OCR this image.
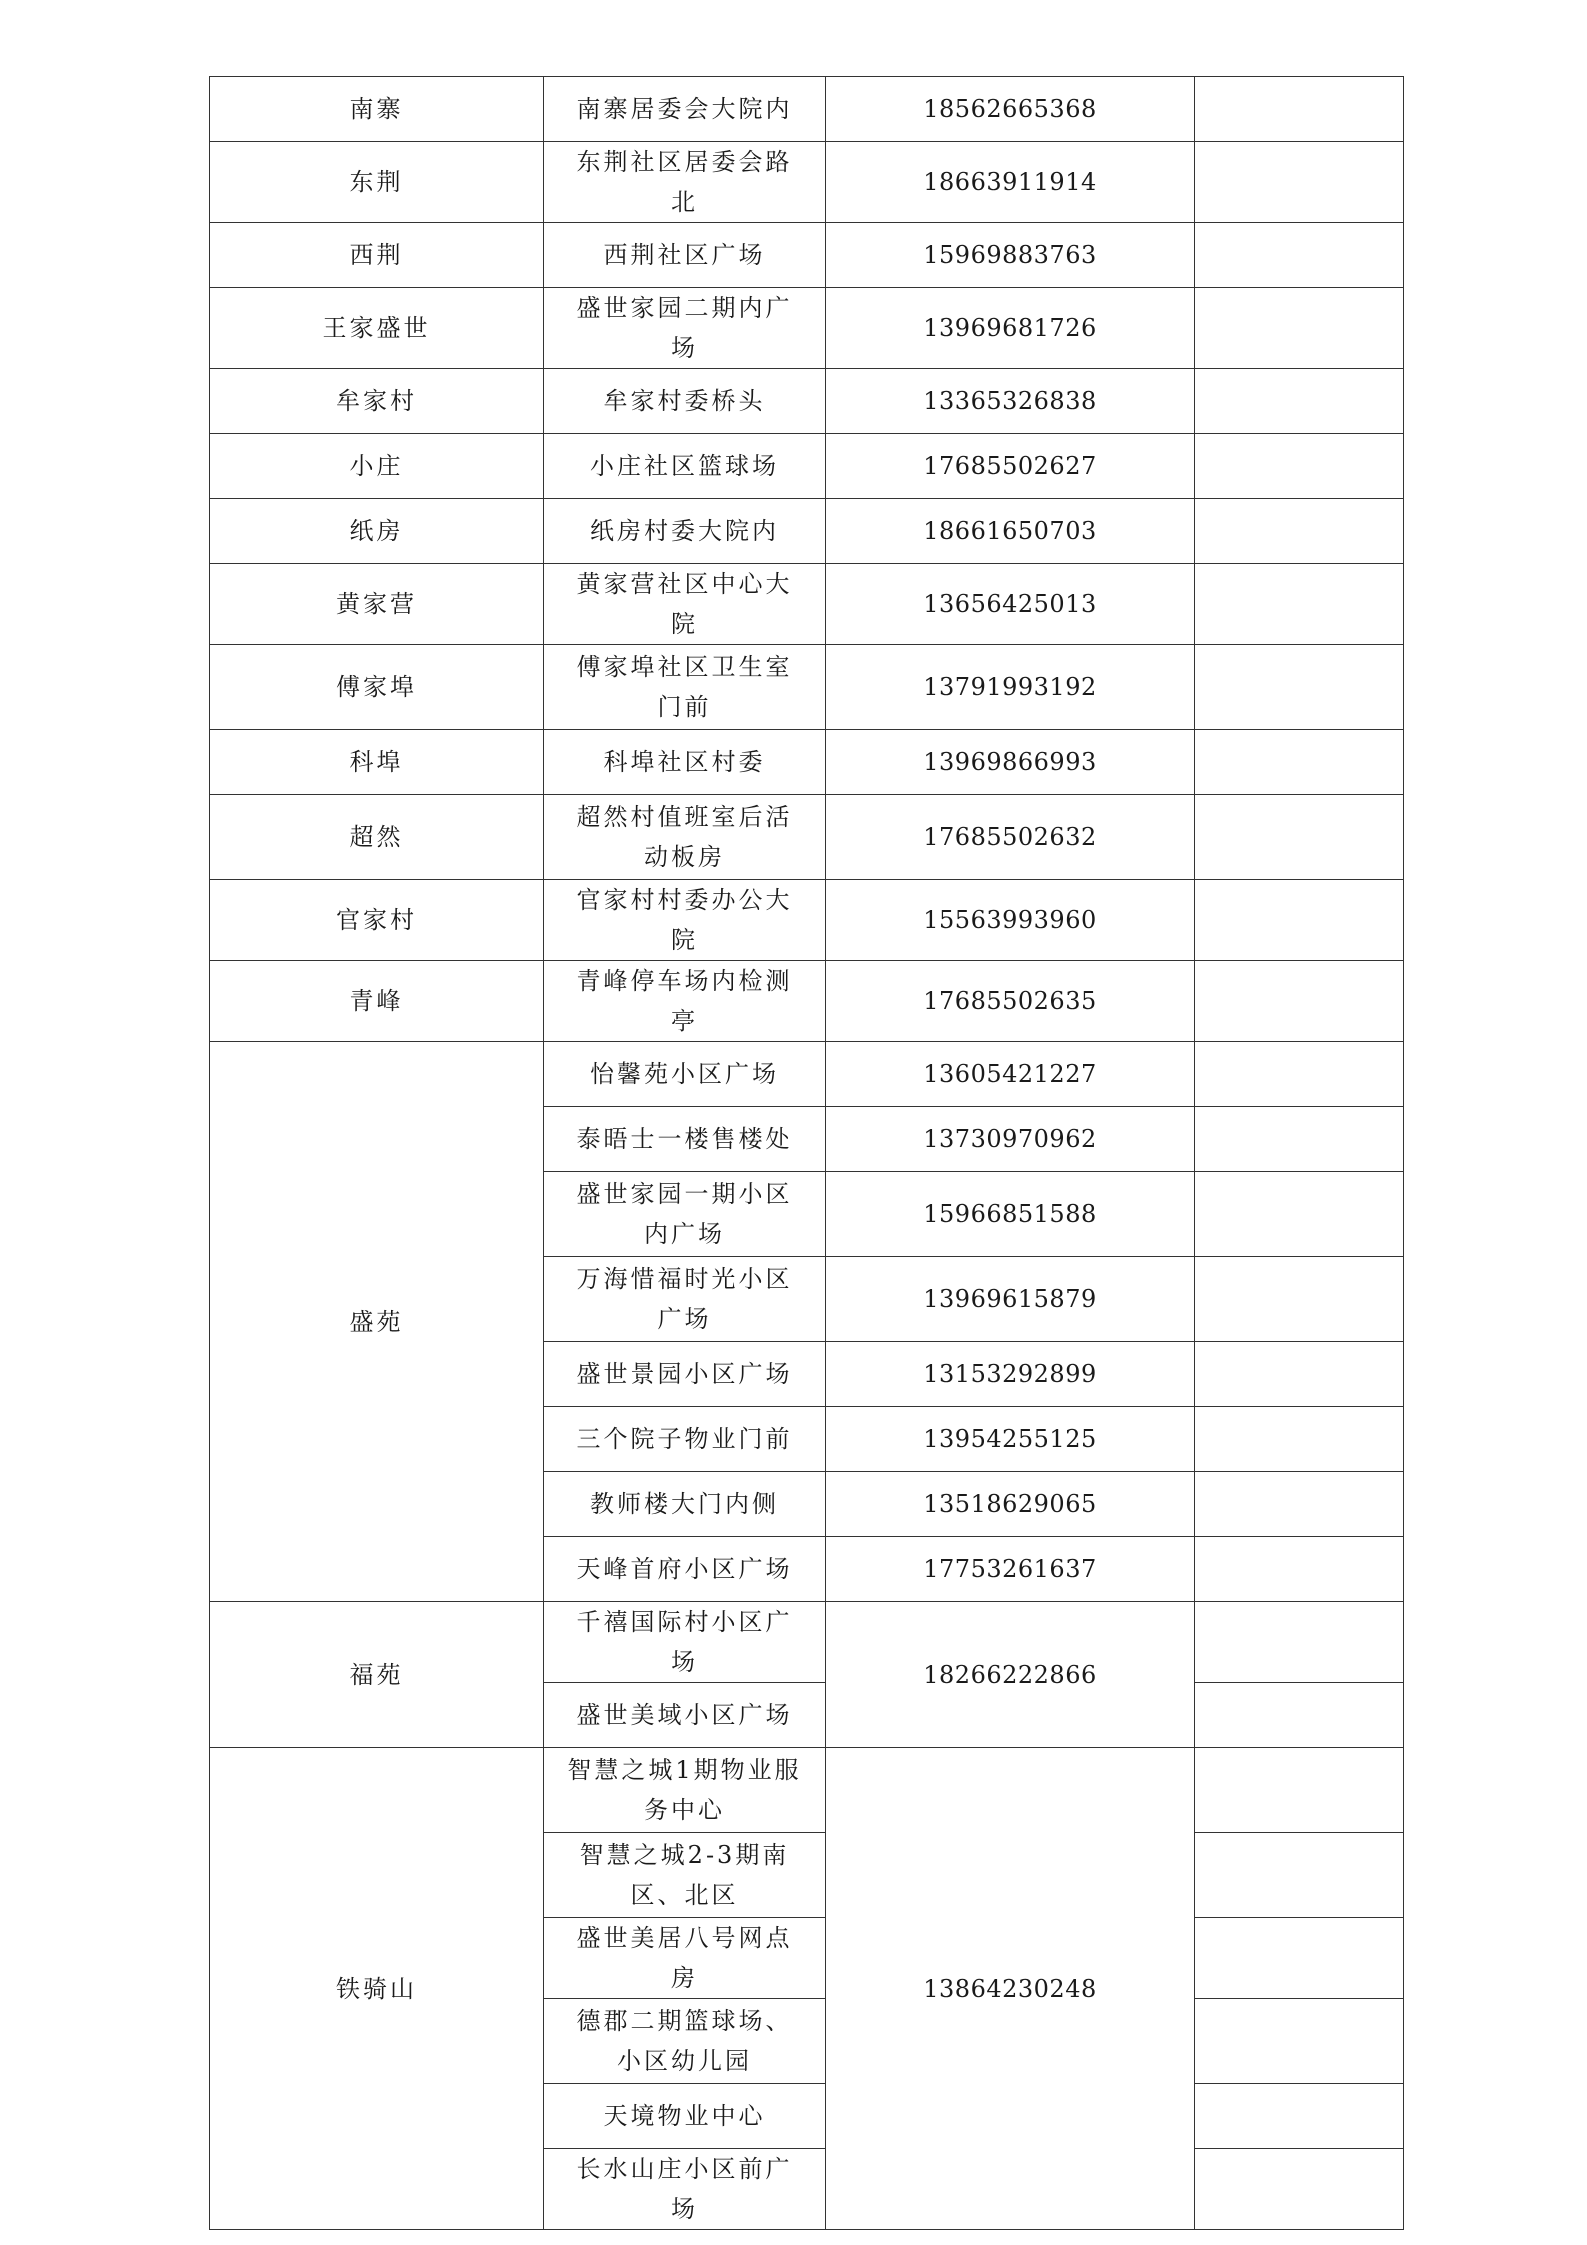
南寨	南寨居委会大院内	18562665368	
东荆	东荆社区居委会路北	18663911914	
西荆	西荆社区广场	15969883763	
王家盛世	盛世家园二期内广场	13969681726	
牟家村	牟家村委桥头	13365326838	
小庄	小庄社区篮球场	17685502627	
纸房	纸房村委大院内	18661650703	
黄家营	黄家营社区中心大院	13656425013	
傅家埠	傅家埠社区卫生室门前	13791993192	
科埠	科埠社区村委	13969866993	
超然	超然村值班室后活动板房	17685502632	
官家村	官家村村委办公大院	15563993960	
青峰	青峰停车场内检测亭	17685502635	
盛苑	怡馨苑小区广场	13605421227	
	泰晤士一楼售楼处	13730970962	
	盛世家园一期小区内广场	15966851588	
	万海惜福时光小区广场	13969615879	
	盛世景园小区广场	13153292899	
	三个院子物业门前	13954255125	
	教师楼大门内侧	13518629065	
	天峰首府小区广场	17753261637	
福苑	千禧国际村小区广场	18266222866	
	盛世美域小区广场		
铁骑山	智慧之城1期物业服务中心	13864230248	
	智慧之城2-3期南区、北区		
	盛世美居八号网点房		
	德郡二期篮球场、小区幼儿园		
	天境物业中心		
	长水山庄小区前广场		
